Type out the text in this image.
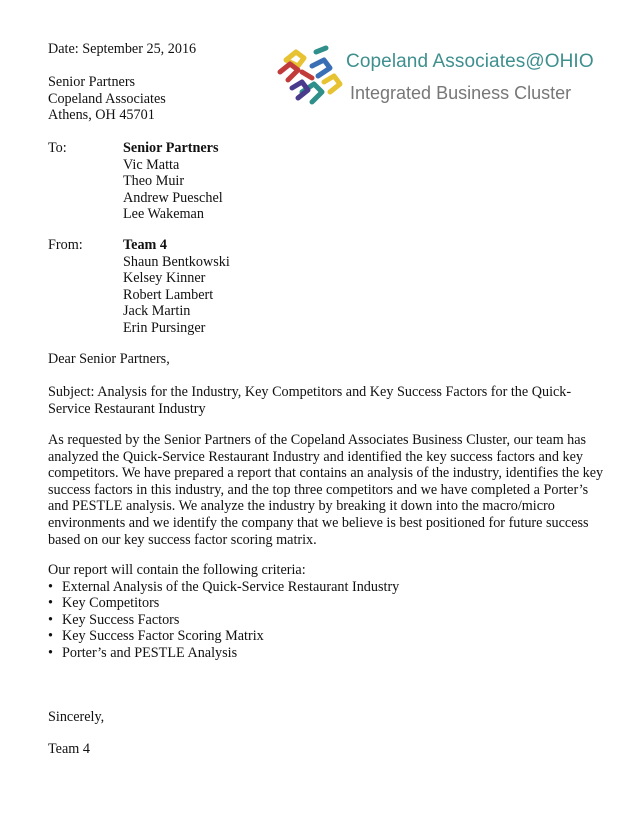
Date: September 25, 2016
Senior Partners
Copeland Associates
Athens, OH 45701
Copeland Associates@OHIO
Integrated Business Cluster
To:	Senior Partners
Vic Matta
Theo Muir
Andrew Pueschel
Lee Wakeman
From:	Team 4
Shaun Bentkowski
Kelsey Kinner
Robert Lambert
Jack Martin
Erin Pursinger
Dear Senior Partners,
Subject: Analysis for the Industry, Key Competitors and Key Success Factors for the Quick-
Service Restaurant Industry
As requested by the Senior Partners of the Copeland Associates Business Cluster, our team has
analyzed the Quick-Service Restaurant Industry and identified the key success factors and key
competitors. We have prepared a report that contains an analysis of the industry, identifies the key
success factors in this industry, and the top three competitors and we have completed a Porter’s
and PESTLE analysis. We analyze the industry by breaking it down into the macro/micro
environments and we identify the company that we believe is best positioned for future success
based on our key success factor scoring matrix.
Our report will contain the following criteria:
• External Analysis of the Quick-Service Restaurant Industry
• Key Competitors
• Key Success Factors
• Key Success Factor Scoring Matrix
• Porter’s and PESTLE Analysis
Sincerely,
Team 4
